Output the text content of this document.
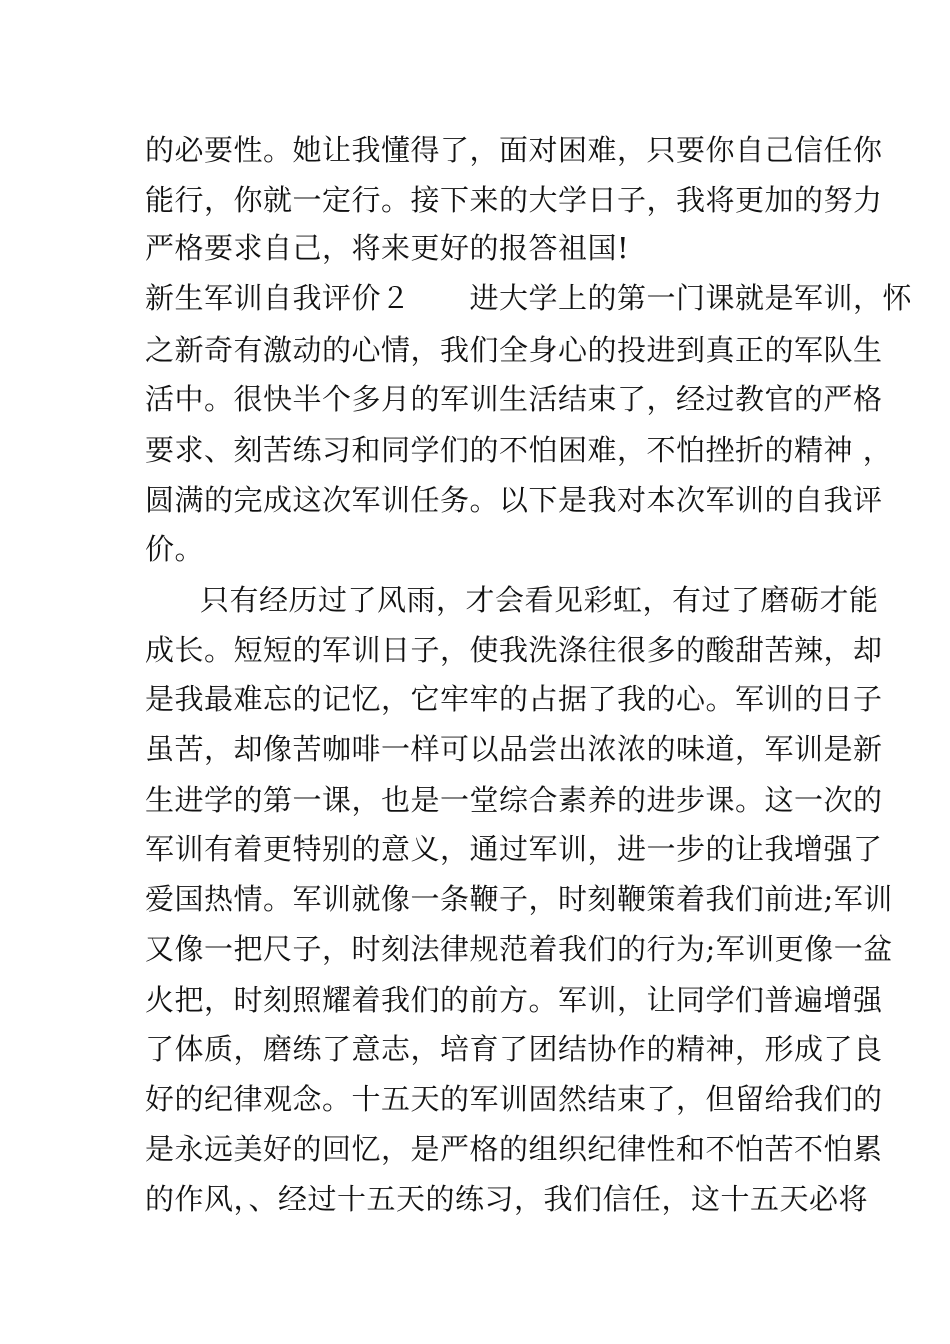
的必要性。她让我懂得了，面对困难，只要你自己信任你
能行，你就一定行。接下来的大学日子，我将更加的努力
严格要求自己，将来更好的报答祖国!
新生军训自我评价２　　进大学上的第一门课就是军训，怀
之新奇有激动的心情，我们全身心的投进到真正的军队生
活中。很快半个多月的军训生活结束了，经过教官的严格
要求、刻苦练习和同学们的不怕困难，不怕挫折的精神 ，
圆满的完成这次军训任务。以下是我对本次军训的自我评
价。
只有经历过了风雨，才会看见彩虹，有过了磨砺才能
成长。短短的军训日子，使我洗涤往很多的酸甜苦辣，却
是我最难忘的记忆，它牢牢的占据了我的心。军训的日子
虽苦，却像苦咖啡一样可以品尝出浓浓的味道，军训是新
生进学的第一课，也是一堂综合素养的进步课。这一次的
军训有着更特别的意义，通过军训，进一步的让我增强了
爱国热情。军训就像一条鞭子，时刻鞭策着我们前进;军训
又像一把尺子，时刻法律规范着我们的行为;军训更像一盆
火把，时刻照耀着我们的前方。军训，让同学们普遍增强
了体质，磨练了意志，培育了团结协作的精神，形成了良
好的纪律观念。十五天的军训固然结束了，但留给我们的
是永远美好的回忆，是严格的组织纪律性和不怕苦不怕累
的作风，、经过十五天的练习，我们信任，这十五天必将
